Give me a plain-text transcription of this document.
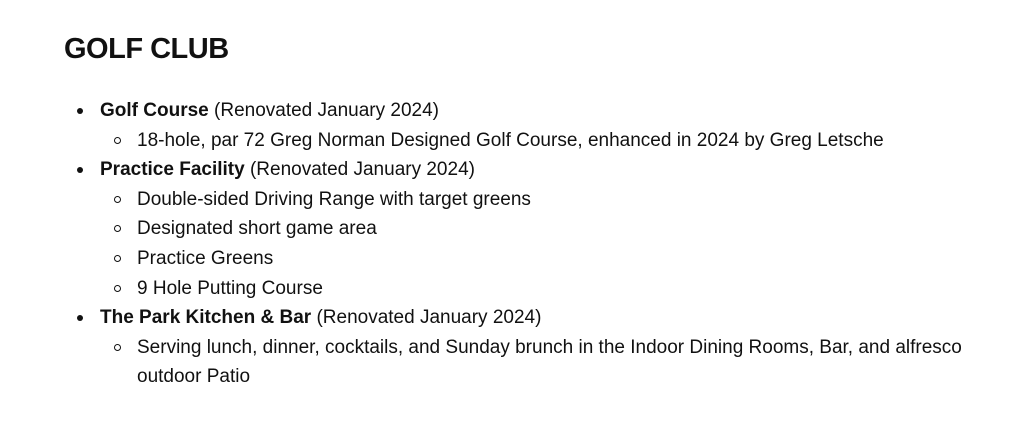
GOLF CLUB
Golf Course (Renovated January 2024)
18-hole, par 72 Greg Norman Designed Golf Course, enhanced in 2024 by Greg Letsche
Practice Facility (Renovated January 2024)
Double-sided Driving Range with target greens
Designated short game area
Practice Greens
9 Hole Putting Course
The Park Kitchen & Bar (Renovated January 2024)
Serving lunch, dinner, cocktails, and Sunday brunch in the Indoor Dining Rooms, Bar, and alfresco outdoor Patio
